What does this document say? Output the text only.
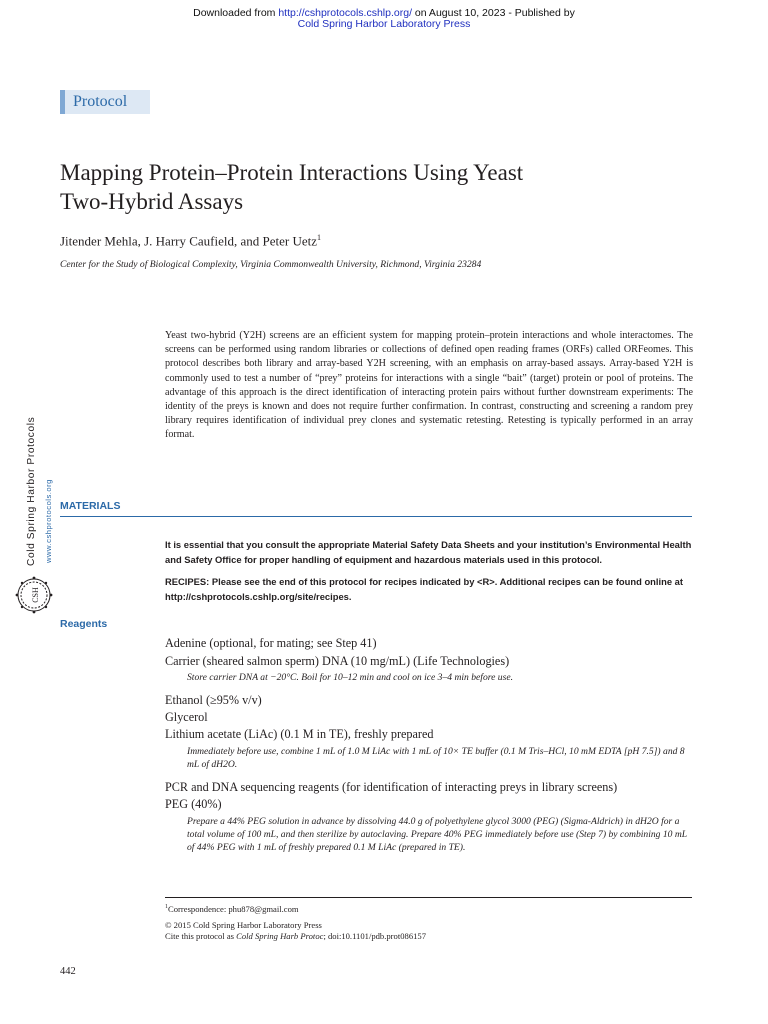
Downloaded from http://cshprotocols.cshlp.org/ on August 10, 2023 - Published by
Cold Spring Harbor Laboratory Press
Protocol
Mapping Protein–Protein Interactions Using Yeast
Two-Hybrid Assays
Jitender Mehla, J. Harry Caufield, and Peter Uetz$^1$
Center for the Study of Biological Complexity, Virginia Commonwealth University, Richmond, Virginia 23284

Yeast two-hybrid (Y2H) screens are an efficient system for mapping protein–protein interactions and whole interactomes. The screens can be performed using random libraries or collections of defined open reading frames (ORFs) called ORFeomes. This protocol describes both library and array-based Y2H screening, with an emphasis on array-based assays. Array-based Y2H is commonly used to test a number of “prey” proteins for interactions with a single “bait” (target) protein or pool of proteins. The advantage of this approach is the direct identification of interacting protein pairs without further downstream experiments: The identity of the preys is known and does not require further confirmation. In contrast, constructing and screening a random prey library requires identification of individual prey clones and systematic retesting. Retesting is typically performed in an array format.

MATERIALS

It is essential that you consult the appropriate Material Safety Data Sheets and your institution’s Environmental Health and Safety Office for proper handling of equipment and hazardous materials used in this protocol.

RECIPES: Please see the end of this protocol for recipes indicated by <R>. Additional recipes can be found online at http://cshprotocols.cshlp.org/site/recipes.

Reagents
Adenine (optional, for mating; see Step 41)
Carrier (sheared salmon sperm) DNA (10 mg/mL) (Life Technologies)

Store carrier DNA at −20°C. Boil for 10–12 min and cool on ice 3–4 min before use.

Ethanol (≥95% v/v)
Glycerol
Lithium acetate (LiAc) (0.1 M in TE), freshly prepared

Immediately before use, combine 1 mL of 1.0 M LiAc with 1 mL of 10× TE buffer (0.1 M Tris–HCl, 10 mM EDTA [pH 7.5]) and 8 mL of dH2O.

PCR and DNA sequencing reagents (for identification of interacting preys in library screens)
PEG (40%)

Prepare a 44% PEG solution in advance by dissolving 44.0 g of polyethylene glycol 3000 (PEG) (Sigma-Aldrich) in dH2O for a total volume of 100 mL, and then sterilize by autoclaving. Prepare 40% PEG immediately before use (Step 7) by combining 10 mL of 44% PEG with 1 mL of freshly prepared 0.1 M LiAc (prepared in TE).

$^1$Correspondence: phu878@gmail.com
© 2015 Cold Spring Harbor Laboratory Press
Cite this protocol as Cold Spring Harb Protoc; doi:10.1101/pdb.prot086157
442
Cold Spring Harbor Protocols www.cshprotocols.org
CSH
